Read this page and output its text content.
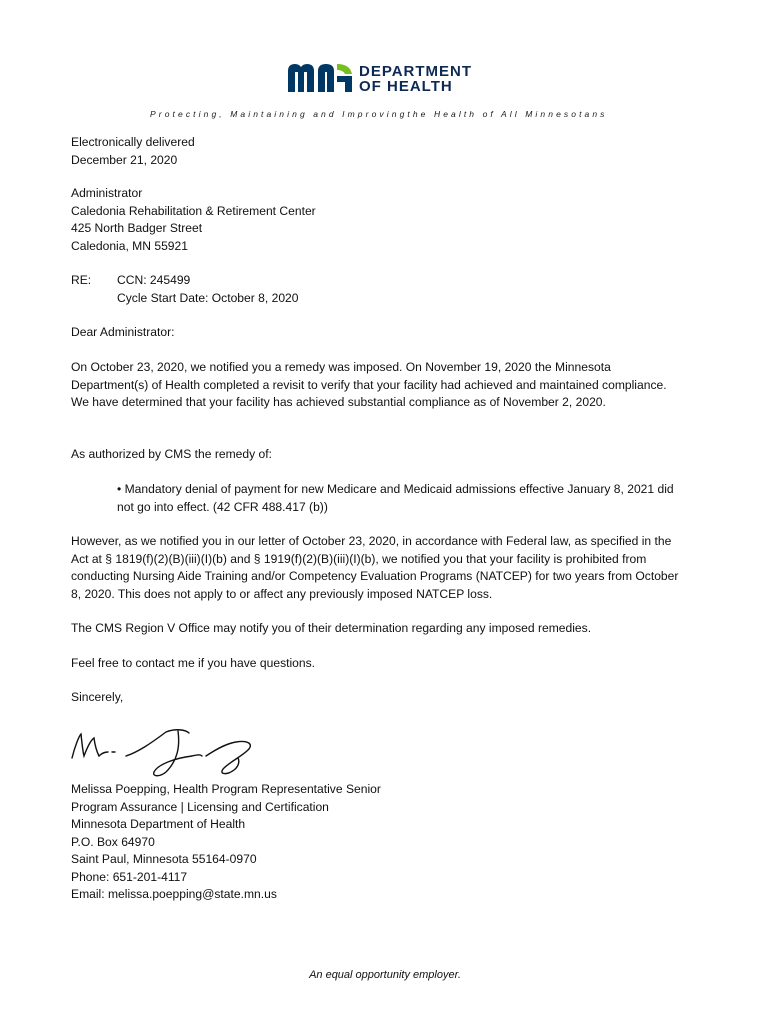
DEPARTMENT
OF HEALTH
Protecting, Maintaining and Improvingthe Health of All Minnesotans

Electronically delivered

December 21, 2020

Administrator

Caledonia Rehabilitation & Retirement Center

425 North Badger Street

Caledonia, MN 55921

RE: CCN: 245499

Cycle Start Date: October 8, 2020

Dear Administrator:
On October 23, 2020, we notified you a remedy was imposed. On November 19, 2020 the Minnesota Department(s) of Health completed a revisit to verify that your facility had achieved and maintained compliance. We have determined that your facility has achieved substantial compliance as of November 2, 2020.
As authorized by CMS the remedy of:
• Mandatory denial of payment for new Medicare and Medicaid admissions effective January 8, 2021 did not go into effect. (42 CFR 488.417 (b))
However, as we notified you in our letter of October 23, 2020, in accordance with Federal law, as specified in the Act at § 1819(f)(2)(B)(iii)(I)(b) and § 1919(f)(2)(B)(iii)(I)(b), we notified you that your facility is prohibited from conducting Nursing Aide Training and/or Competency Evaluation Programs (NATCEP) for two years from October 8, 2020. This does not apply to or affect any previously imposed NATCEP loss.
The CMS Region V Office may notify you of their determination regarding any imposed remedies.
Feel free to contact me if you have questions.
Sincerely,

Melissa Poepping, Health Program Representative Senior

Program Assurance | Licensing and Certification

Minnesota Department of Health

P.O. Box 64970

Saint Paul, Minnesota 55164-0970

Phone: 651-201-4117

Email: melissa.poepping@state.mn.us

An equal opportunity employer.
